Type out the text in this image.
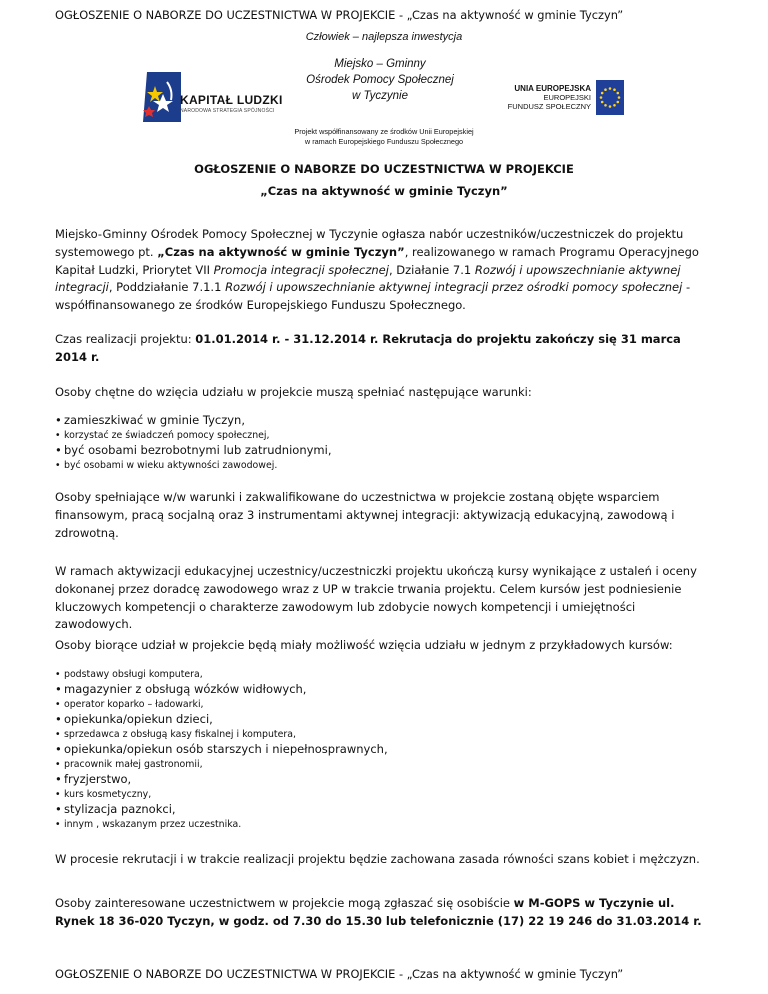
OGŁOSZENIE O NABORZE DO UCZESTNICTWA W PROJEKCIE - „Czas na aktywność w gminie Tyczyn”
Człowiek – najlepsza inwestycja
KAPITAŁ LUDZKI
NARODOWA STRATEGIA SPÓJNOŚCI
Miejsko – Gminny
Ośrodek Pomocy Społecznej
w Tyczynie
UNIA EUROPEJSKA
EUROPEJSKI
FUNDUSZ SPOŁECZNY
Projekt współfinansowany ze środków Unii Europejskiej
w ramach Europejskiego Funduszu Społecznego
OGŁOSZENIE O NABORZE DO UCZESTNICTWA W PROJEKCIE
„Czas na aktywność w gminie Tyczyn”
Miejsko-Gminny Ośrodek Pomocy Społecznej w Tyczynie ogłasza nabór uczestników/uczestniczek do projektu systemowego pt. „Czas na aktywność w gminie Tyczyn”, realizowanego w ramach Programu Operacyjnego Kapitał Ludzki, Priorytet VII Promocja integracji społecznej, Działanie 7.1 Rozwój i upowszechnianie aktywnej integracji, Poddziałanie 7.1.1 Rozwój i upowszechnianie aktywnej integracji przez ośrodki pomocy społecznej - współfinansowanego ze środków Europejskiego Funduszu Społecznego.
Czas realizacji projektu: 01.01.2014 r. - 31.12.2014 r. Rekrutacja do projektu zakończy się 31 marca 2014 r.
Osoby chętne do wzięcia udziału w projekcie muszą spełniać następujące warunki:
• zamieszkiwać w gminie Tyczyn,
• korzystać ze świadczeń pomocy społecznej,
• być osobami bezrobotnymi lub zatrudnionymi,
• być osobami w wieku aktywności zawodowej.
Osoby spełniające w/w warunki i zakwalifikowane do uczestnictwa w projekcie zostaną objęte wsparciem finansowym, pracą socjalną oraz 3 instrumentami aktywnej integracji: aktywizacją edukacyjną, zawodową i zdrowotną.
W ramach aktywizacji edukacyjnej uczestnicy/uczestniczki projektu ukończą kursy wynikające z ustaleń i oceny dokonanej przez doradcę zawodowego wraz z UP w trakcie trwania projektu. Celem kursów jest podniesienie kluczowych kompetencji o charakterze zawodowym lub zdobycie nowych kompetencji i umiejętności zawodowych.
Osoby biorące udział w projekcie będą miały możliwość wzięcia udziału w jednym z przykładowych kursów:
• podstawy obsługi komputera,
• magazynier z obsługą wózków widłowych,
• operator koparko – ładowarki,
• opiekunka/opiekun dzieci,
• sprzedawca z obsługą kasy fiskalnej i komputera,
• opiekunka/opiekun osób starszych i niepełnosprawnych,
• pracownik małej gastronomii,
• fryzjerstwo,
• kurs kosmetyczny,
• stylizacja paznokci,
• innym , wskazanym przez uczestnika.
W procesie rekrutacji i w trakcie realizacji projektu będzie zachowana zasada równości szans kobiet i mężczyzn.
Osoby zainteresowane uczestnictwem w projekcie mogą zgłaszać się osobiście w M-GOPS w Tyczynie ul. Rynek 18 36-020 Tyczyn, w godz. od 7.30 do 15.30 lub telefonicznie (17) 22 19 246 do 31.03.2014 r.
OGŁOSZENIE O NABORZE DO UCZESTNICTWA W PROJEKCIE - „Czas na aktywność w gminie Tyczyn”
